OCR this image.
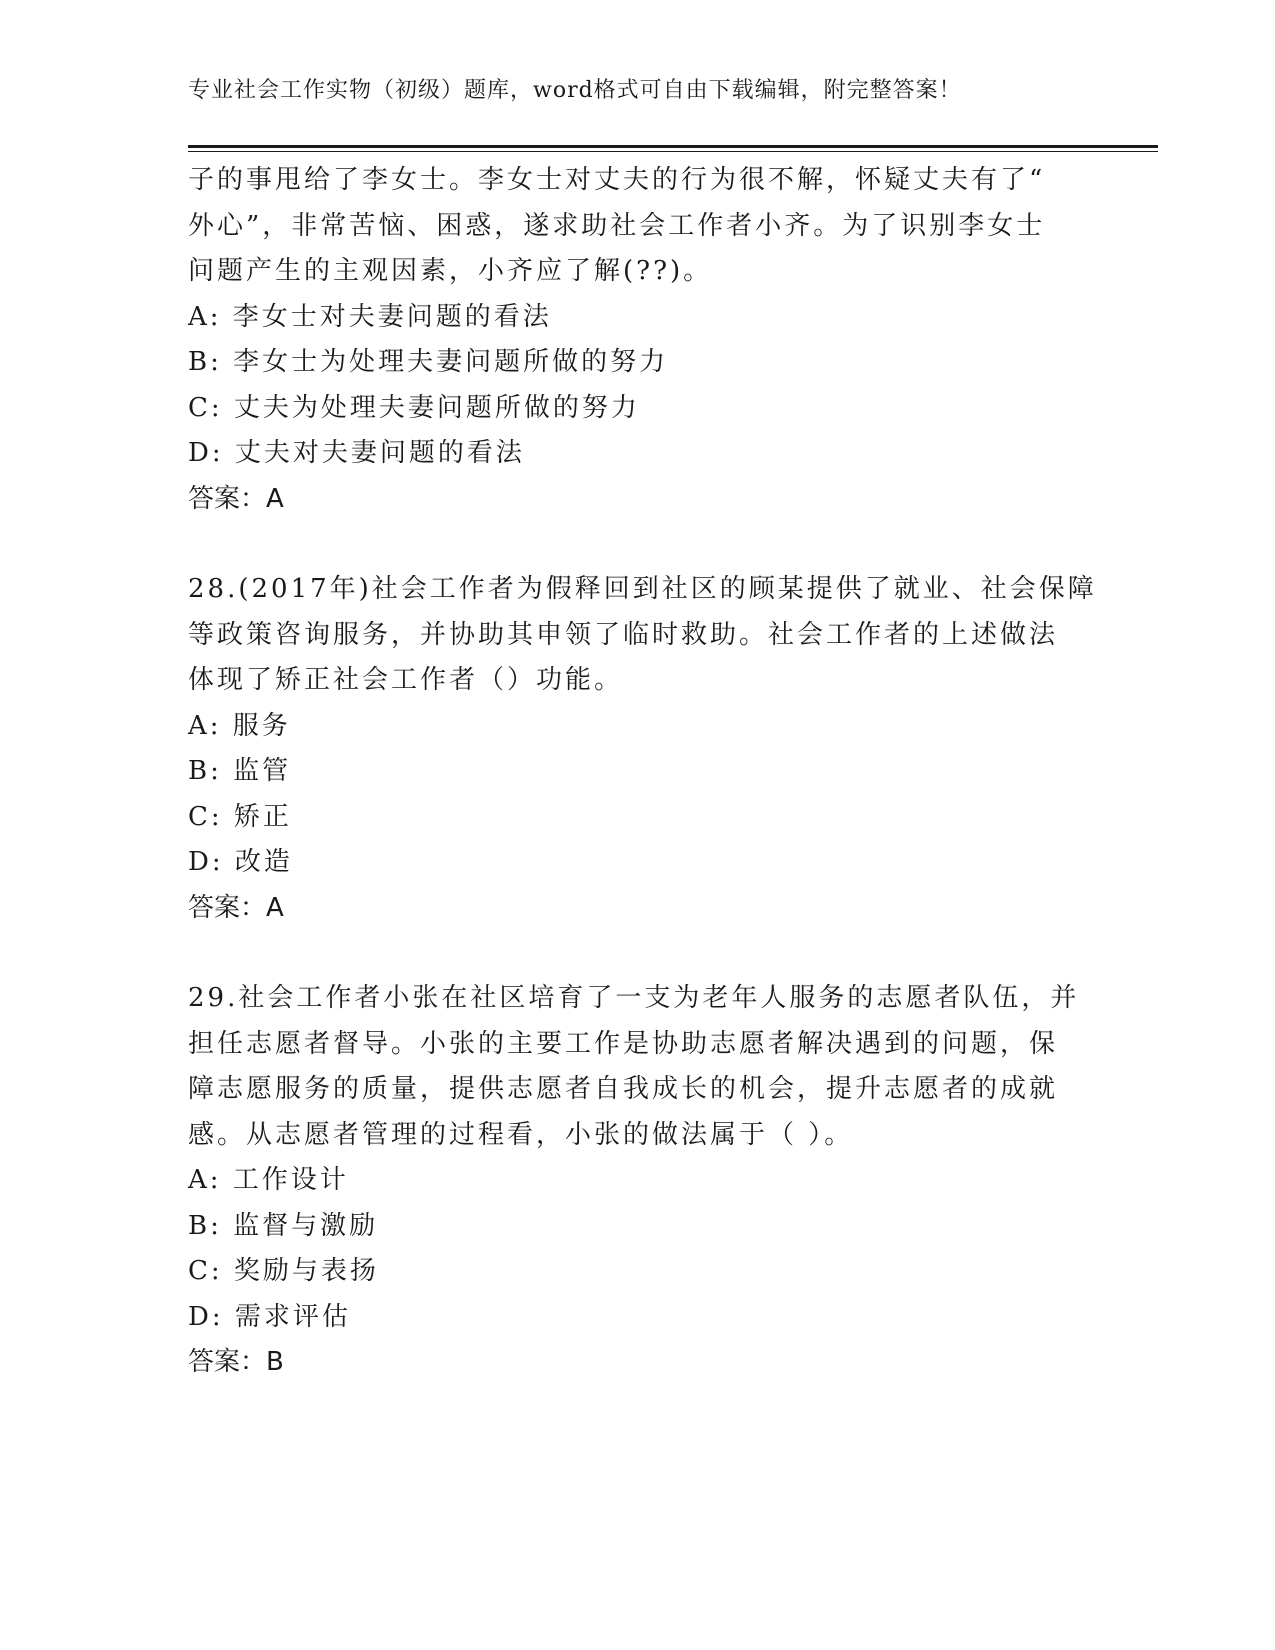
专业社会工作实物（初级）题库，word格式可自由下载编辑，附完整答案！
子的事甩给了李女士。李女士对丈夫的行为很不解，怀疑丈夫有了“
外心”，非常苦恼、困惑，遂求助社会工作者小齐。为了识别李女士
问题产生的主观因素，小齐应了解(??)。
A: 李女士对夫妻问题的看法
B: 李女士为处理夫妻问题所做的努力
C: 丈夫为处理夫妻问题所做的努力
D: 丈夫对夫妻问题的看法
答案：A
28.(2017年)社会工作者为假释回到社区的顾某提供了就业、社会保障
等政策咨询服务，并协助其申领了临时救助。社会工作者的上述做法
体现了矫正社会工作者（）功能。
A: 服务
B: 监管
C: 矫正
D: 改造
答案：A
29.社会工作者小张在社区培育了一支为老年人服务的志愿者队伍，并
担任志愿者督导。小张的主要工作是协助志愿者解决遇到的问题，保
障志愿服务的质量，提供志愿者自我成长的机会，提升志愿者的成就
感。从志愿者管理的过程看，小张的做法属于（ ）。
A: 工作设计
B: 监督与激励
C: 奖励与表扬
D: 需求评估
答案：B
